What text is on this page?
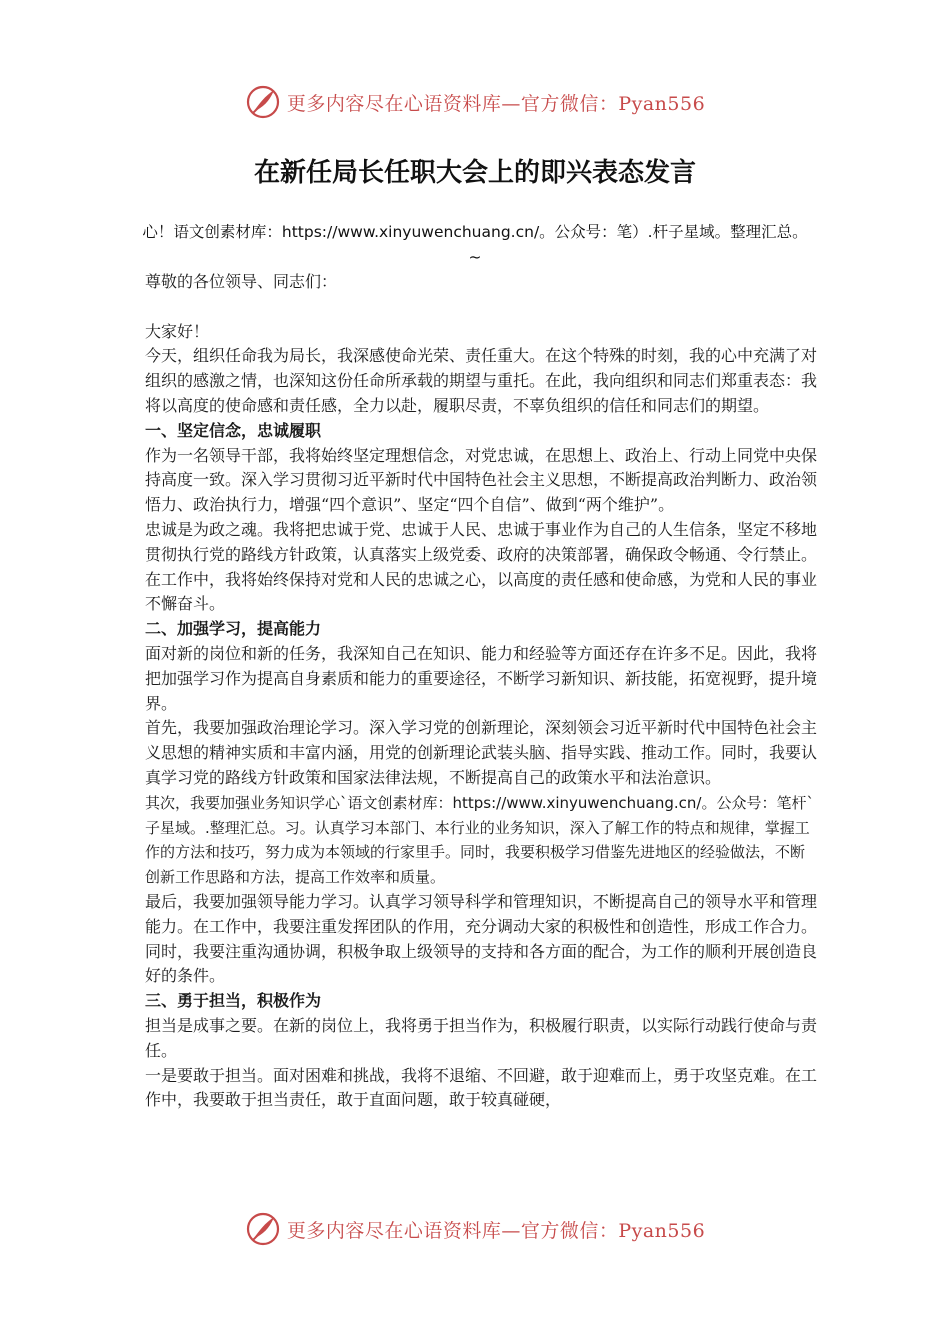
更多内容尽在心语资料库—官方微信：Pyan556
在新任局长任职大会上的即兴表态发言
心！语文创素材库：https://www.xinyuwenchuang.cn/。公众号：笔）.杆子星域。整理汇总。~

尊敬的各位领导、同志们：

大家好！

今天，组织任命我为局长，我深感使命光荣、责任重大。在这个特殊的时刻，我的心中充满了对组织的感激之情，也深知这份任命所承载的期望与重托。在此，我向组织和同志们郑重表态：我将以高度的使命感和责任感，全力以赴，履职尽责，不辜负组织的信任和同志们的期望。

一、坚定信念，忠诚履职

作为一名领导干部，我将始终坚定理想信念，对党忠诚，在思想上、政治上、行动上同党中央保持高度一致。深入学习贯彻习近平新时代中国特色社会主义思想，不断提高政治判断力、政治领悟力、政治执行力，增强“四个意识”、坚定“四个自信”、做到“两个维护”。

忠诚是为政之魂。我将把忠诚于党、忠诚于人民、忠诚于事业作为自己的人生信条，坚定不移地贯彻执行党的路线方针政策，认真落实上级党委、政府的决策部署，确保政令畅通、令行禁止。在工作中，我将始终保持对党和人民的忠诚之心，以高度的责任感和使命感，为党和人民的事业不懈奋斗。

二、加强学习，提高能力

面对新的岗位和新的任务，我深知自己在知识、能力和经验等方面还存在许多不足。因此，我将把加强学习作为提高自身素质和能力的重要途径，不断学习新知识、新技能，拓宽视野，提升境界。

首先，我要加强政治理论学习。深入学习党的创新理论，深刻领会习近平新时代中国特色社会主义思想的精神实质和丰富内涵，用党的创新理论武装头脑、指导实践、推动工作。同时，我要认真学习党的路线方针政策和国家法律法规，不断提高自己的政策水平和法治意识。

其次，我要加强业务知识学心`语文创素材库：https://www.xinyuwenchuang.cn/。公众号：笔杆`子星域。.整理汇总。习。认真学习本部门、本行业的业务知识，深入了解工作的特点和规律，掌握工作的方法和技巧，努力成为本领域的行家里手。同时，我要积极学习借鉴先进地区的经验做法，不断创新工作思路和方法，提高工作效率和质量。

最后，我要加强领导能力学习。认真学习领导科学和管理知识，不断提高自己的领导水平和管理能力。在工作中，我要注重发挥团队的作用，充分调动大家的积极性和创造性，形成工作合力。同时，我要注重沟通协调，积极争取上级领导的支持和各方面的配合，为工作的顺利开展创造良好的条件。

三、勇于担当，积极作为

担当是成事之要。在新的岗位上，我将勇于担当作为，积极履行职责，以实际行动践行使命与责任。

一是要敢于担当。面对困难和挑战，我将不退缩、不回避，敢于迎难而上，勇于攻坚克难。在工作中，我要敢于担当责任，敢于直面问题，敢于较真碰硬，

更多内容尽在心语资料库—官方微信：Pyan556
